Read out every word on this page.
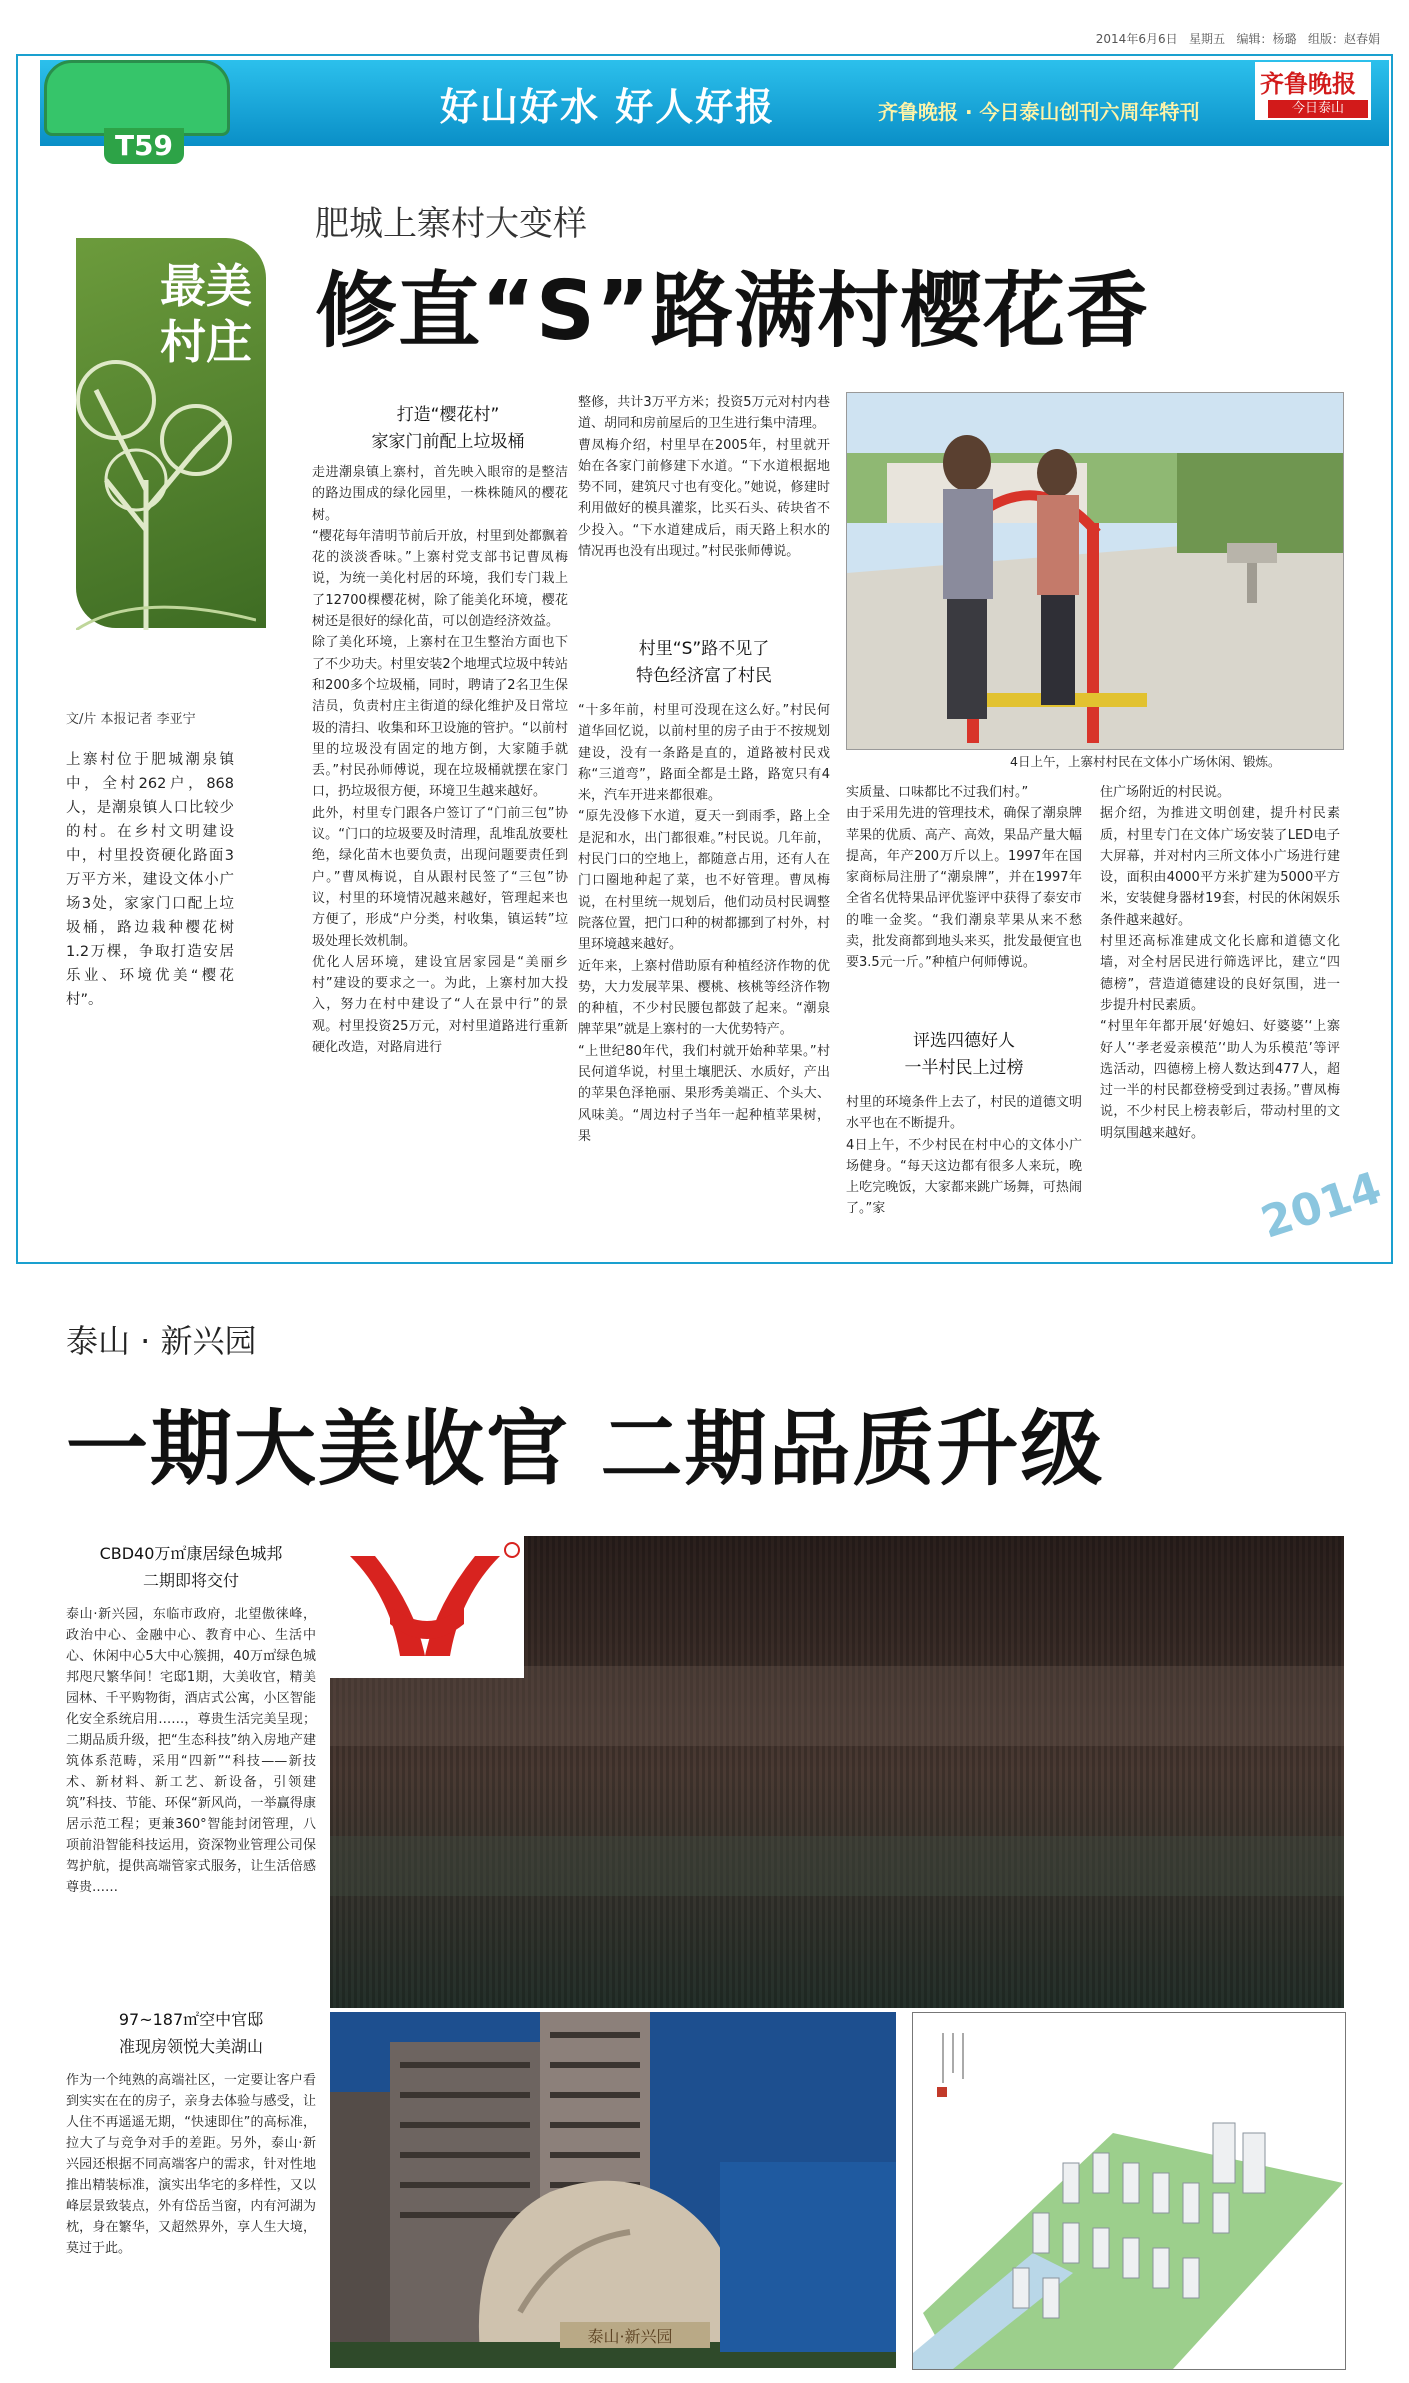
2014年6月6日 星期五 编辑：杨璐 组版：赵春娟
T59
好山好水 好人好报	齐鲁晚报 · 今日泰山创刊六周年特刊
齐鲁晚报
今日泰山
肥城上寨村大变样
修直“S”路满村樱花香
最美
村庄
文/片 本报记者 李亚宁
上寨村位于肥城潮泉镇中，全村262户，868人，是潮泉镇人口比较少的村。在乡村文明建设中，村里投资硬化路面3万平方米，建设文体小广场3处，家家门口配上垃圾桶，路边栽种樱花树1.2万棵，争取打造安居乐业、环境优美“樱花村”。
打造“樱花村”
家家门前配上垃圾桶
走进潮泉镇上寨村，首先映入眼帘的是整洁的路边围成的绿化园里，一株株随风的樱花树。
“樱花每年清明节前后开放，村里到处都飘着花的淡淡香味。”上寨村党支部书记曹凤梅说，为统一美化村居的环境，我们专门栽上了12700棵樱花树，除了能美化环境，樱花树还是很好的绿化苗，可以创造经济效益。
除了美化环境，上寨村在卫生整治方面也下了不少功夫。村里安装2个地埋式垃圾中转站和200多个垃圾桶，同时，聘请了2名卫生保洁员，负责村庄主街道的绿化维护及日常垃圾的清扫、收集和环卫设施的管护。“以前村里的垃圾没有固定的地方倒，大家随手就丢。”村民孙师傅说，现在垃圾桶就摆在家门口，扔垃圾很方便，环境卫生越来越好。
此外，村里专门跟各户签订了“门前三包”协议。“门口的垃圾要及时清理，乱堆乱放要杜绝，绿化苗木也要负责，出现问题要责任到户。”曹凤梅说，自从跟村民签了“三包”协议，村里的环境情况越来越好，管理起来也方便了，形成“户分类，村收集，镇运转”垃圾处理长效机制。
优化人居环境，建设宜居家园是“美丽乡村”建设的要求之一。为此，上寨村加大投入，努力在村中建设了“人在景中行”的景观。村里投资25万元，对村里道路进行重新硬化改造，对路肩进行
整修，共计3万平方米；投资5万元对村内巷道、胡同和房前屋后的卫生进行集中清理。
曹凤梅介绍，村里早在2005年，村里就开始在各家门前修建下水道。“下水道根据地势不同，建筑尺寸也有变化。”她说，修建时利用做好的模具灌浆，比买石头、砖块省不少投入。“下水道建成后，雨天路上积水的情况再也没有出现过。”村民张师傅说。
村里“S”路不见了
特色经济富了村民
“十多年前，村里可没现在这么好。”村民何道华回忆说，以前村里的房子由于不按规划建设，没有一条路是直的，道路被村民戏称“三道弯”，路面全都是土路，路宽只有4米，汽车开进来都很难。
“原先没修下水道，夏天一到雨季，路上全是泥和水，出门都很难。”村民说。几年前，村民门口的空地上，都随意占用，还有人在门口圈地种起了菜，也不好管理。曹凤梅说，在村里统一规划后，他们动员村民调整院落位置，把门口种的树都挪到了村外，村里环境越来越好。
近年来，上寨村借助原有种植经济作物的优势，大力发展苹果、樱桃、核桃等经济作物的种植，不少村民腰包都鼓了起来。“潮泉牌苹果”就是上寨村的一大优势特产。
“上世纪80年代，我们村就开始种苹果。”村民何道华说，村里土壤肥沃、水质好，产出的苹果色泽艳丽、果形秀美端正、个头大、风味美。“周边村子当年一起种植苹果树，果
4日上午，上寨村村民在文体小广场休闲、锻炼。
实质量、口味都比不过我们村。”
由于采用先进的管理技术，确保了潮泉牌苹果的优质、高产、高效，果品产量大幅提高，年产200万斤以上。1997年在国家商标局注册了“潮泉牌”，并在1997年全省名优特果品评优鉴评中获得了泰安市的唯一金奖。“我们潮泉苹果从来不愁卖，批发商都到地头来买，批发最便宜也要3.5元一斤。”种植户何师傅说。
评选四德好人
一半村民上过榜
村里的环境条件上去了，村民的道德文明水平也在不断提升。
4日上午，不少村民在村中心的文体小广场健身。“每天这边都有很多人来玩，晚上吃完晚饭，大家都来跳广场舞，可热闹了。”家
住广场附近的村民说。
据介绍，为推进文明创建，提升村民素质，村里专门在文体广场安装了LED电子大屏幕，并对村内三所文体小广场进行建设，面积由4000平方米扩建为5000平方米，安装健身器材19套，村民的休闲娱乐条件越来越好。
村里还高标准建成文化长廊和道德文化墙，对全村居民进行筛选评比，建立“四德榜”，营造道德建设的良好氛围，进一步提升村民素质。
“村里年年都开展‘好媳妇、好婆婆’‘上寨好人’‘孝老爱亲模范’‘助人为乐模范’等评选活动，四德榜上榜人数达到477人，超过一半的村民都登榜受到过表扬。”曹凤梅说，不少村民上榜表彰后，带动村里的文明氛围越来越好。
2014
泰山 · 新兴园
一期大美收官 二期品质升级
CBD40万㎡康居绿色城邦
二期即将交付
泰山·新兴园，东临市政府，北望傲徕峰，政治中心、金融中心、教育中心、生活中心、休闲中心5大中心簇拥，40万㎡绿色城邦咫尺繁华间！宅邸1期，大美收官，精美园林、千平购物街，酒店式公寓，小区智能化安全系统启用……，尊贵生活完美呈现；二期品质升级，把“生态科技”纳入房地产建筑体系范畴，采用“四新”“科技——新技术、新材料、新工艺、新设备，引领建筑”科技、节能、环保“新风尚，一举赢得康居示范工程；更兼360°智能封闭管理，八项前沿智能科技运用，资深物业管理公司保驾护航，提供高端管家式服务，让生活倍感尊贵……
97~187㎡空中官邸
准现房领悦大美湖山
作为一个纯熟的高端社区，一定要让客户看到实实在在的房子，亲身去体验与感受，让人住不再遥遥无期，“快速即住”的高标准，拉大了与竞争对手的差距。另外，泰山·新兴园还根据不同高端客户的需求，针对性地推出精装标准，演实出华宅的多样性，又以峰层景致装点，外有岱岳当窗，内有河湖为枕，身在繁华，又超然界外，享人生大境，莫过于此。
泰山·新兴园
